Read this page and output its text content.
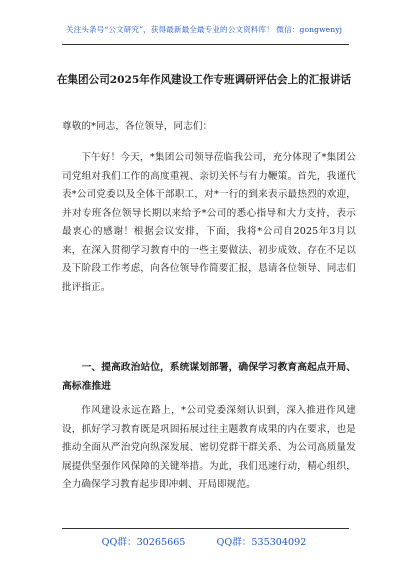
关注头条号“公文研究”，获得最新最全最专业的公文资料库！ 微信：gongwenyj
在集团公司2025年作风建设工作专班调研评估会上的汇报讲话
尊敬的*同志，各位领导，同志们：
下午好！今天，*集团公司领导莅临我公司，充分体现了*集团公司党组对我们工作的高度重视、亲切关怀与有力鞭策。首先，我谨代表*公司党委以及全体干部职工，对*一行的到来表示最热烈的欢迎，并对专班各位领导长期以来给予*公司的悉心指导和大力支持，表示最衷心的感谢！根据会议安排，下面，我将*公司自2025年3月以来，在深入贯彻学习教育中的一些主要做法、初步成效、存在不足以及下阶段工作考虑，向各位领导作简要汇报，恳请各位领导、同志们批评指正。
一、提高政治站位，系统谋划部署，确保学习教育高起点开局、高标准推进
作风建设永远在路上，*公司党委深刻认识到，深入推进作风建设，抓好学习教育既是巩固拓展过往主题教育成果的内在要求，也是推动全面从严治党向纵深发展、密切党群干群关系、为公司高质量发展提供坚强作风保障的关键举措。为此，我们迅速行动，精心组织，全力确保学习教育起步即冲刺、开局即规范。
QQ群：30265665	QQ群：535304092
